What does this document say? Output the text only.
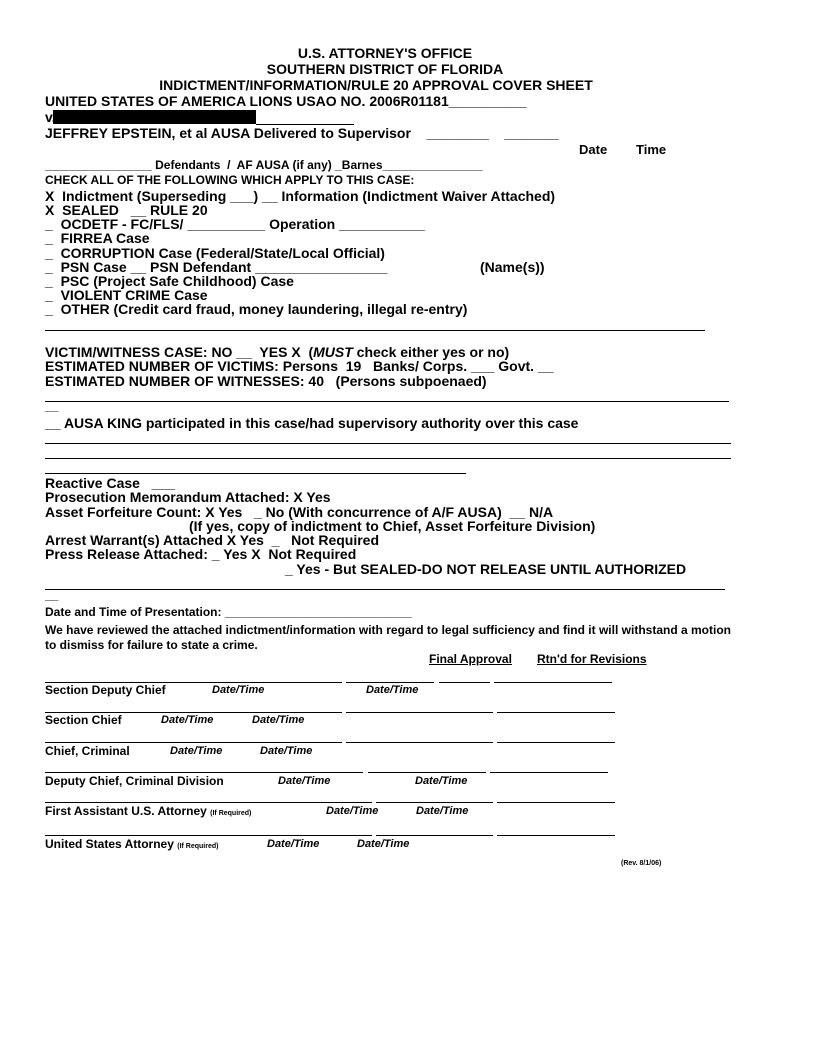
U.S. ATTORNEY'S OFFICE
SOUTHERN DISTRICT OF FLORIDA
INDICTMENT/INFORMATION/RULE 20 APPROVAL COVER SHEET
UNITED STATES OF AMERICA LIONS USAO NO. 2006R01181__________
v.
JEFFREY EPSTEIN, et al AUSA Delivered to Supervisor    ________    _______
Date Time
________________ Defendants  /  AF AUSA (if any) _Barnes_______________
CHECK ALL OF THE FOLLOWING WHICH APPLY TO THIS CASE:
X  Indictment (Superseding ___) __ Information (Indictment Waiver Attached)
X  SEALED   __ RULE 20
_  OCDETF - FC/FLS/ __________ Operation ___________
_  FIRREA Case
_  CORRUPTION Case (Federal/State/Local Official)
_  PSN Case __ PSN Defendant _________________	(Name(s))
_  PSC (Project Safe Childhood) Case
_  VIOLENT CRIME Case
_  OTHER (Credit card fraud, money laundering, illegal re-entry)
VICTIM/WITNESS CASE: NO __  YES X  (MUST check either yes or no)
ESTIMATED NUMBER OF VICTIMS: Persons  19   Banks/ Corps. ___ Govt. __
ESTIMATED NUMBER OF WITNESSES: 40   (Persons subpoenaed)
__
__ AUSA KING participated in this case/had supervisory authority over this case
Reactive Case   ___
Prosecution Memorandum Attached: X Yes
Asset Forfeiture Count: X Yes   _ No (With concurrence of A/F AUSA)  __ N/A
(If yes, copy of indictment to Chief, Asset Forfeiture Division)
Arrest Warrant(s) Attached X Yes  _   Not Required
Press Release Attached: _ Yes X  Not Required
_ Yes - But SEALED-DO NOT RELEASE UNTIL AUTHORIZED
__
Date and Time of Presentation: ____________________________
We have reviewed the attached indictment/information with regard to legal sufficiency and find it will withstand a motion to dismiss for failure to state a crime.
Final Approval Rtn'd for Revisions
Section Deputy Chief	Date/Time	Date/Time
Section Chief	Date/Time	Date/Time
Chief, Criminal	Date/Time	Date/Time
Deputy Chief, Criminal Division	Date/Time	Date/Time
First Assistant U.S. Attorney (If Required)	Date/Time	Date/Time
United States Attorney (If Required)	Date/Time	Date/Time
(Rev. 8/1/06)
